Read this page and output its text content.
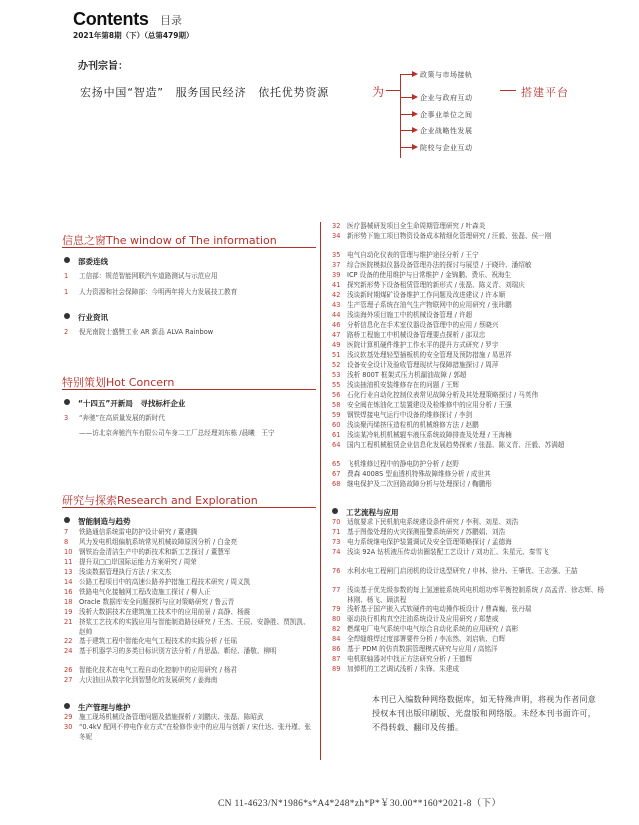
Contents 目录
2021年第8期（下）（总第479期）
办刊宗旨：
宏扬中国“智造”　服务国民经济　依托优势资源	为	搭建平台
政策与市场接轨
企业与政府互动
企事业单位之间
企业战略性发展
院校与企业互动
信息之窗The window of The information
部委连线
1	工信部：规范智能网联汽车道路测试与示范应用
1	人力资源和社会保障部：今明两年将大力发展技工教育
行业资讯
2	倪光南院士盛赞工业 AR 新品 ALVA Rainbow
特别策划Hot Concern
“十四五”开新局　寻找标杆企业
3	“奔驰”在高质量发展的新时代
——访北京奔驰汽车有限公司车身二工厂总经理刘东栋 /晨曦　王宁
研究与探索Research and Exploration
智能制造与趋势
7	铁路通信系统雷电防护设计研究 / 董建腾
8	风力发电机组偏航系统常见机械故障原因分析 / 白金亮
10	钢铁冶金清洁生产中的新技术和新工艺探讨 / 董慧军
11	提升双□□岸国际运能力方案研究 / 周荣
13	浅谈数据管理执行方法 / 宋文杰
14	公路工程项目中的高速公路养护措施工程技术研究 / 周义凯
16	铁路电气化接触网工程改造施工探讨 / 柳人正
18	Oracle 数据库安全问题探析与应对策略研究 / 鲁云青
19	浅析大数据技术在建筑施工技术中的应用前景 / 高静、杨震
21	挤浆工艺技术的实践应用与智能制造路径研究 / 王杰、王辰、安静胜、贾凯凯、赵帅
22	基于建筑工程中智能化电气工程技术的实践分析 / 任瑶
24	基于机器学习的多类目标识别方法分析 / 肖思晶、靳经、潘敬、柳明
26	智能化技术在电气工程自动化控制中的应用研究 / 杨君
27	大庆油田从数字化到智慧化的发展研究 / 姜海南
生产管理与维护
29	施工现场机械设备管理问题及措施探析 / 刘鹏庆、张磊、陈昭武
30	“0.4kV 配网不停电作业方式”在检修作业中的应用与创新 / 宋仕达、张丹瑾、张冬妮
32	医疗器械研发项目全生命周期管理研究 / 叶森炎
34	新形势下施工项目物资设备成本精细化管理研究 / 汪毅、张磊、侯一刚
35	电气自动化仪表的管理与维护途径分析 / 王宁
37	综合医院模拟仪器设备管理办法的探讨与展望 / 于晓玲、潘绍敏
39	ICP 设备的使用维护与日常维护 / 金锦鹏、费乐、祝海生
41	探究新形势下设备租赁管理的新形式 / 张磊、陈义青、刘瑞庆
42	浅谈新时期煤矿设备维护工作问题及改进建议 / 许本顺
43	生产管理子系统在油气生产物联网中的应用研究 / 张玮鹏
44	浅谈海外项目施工中的机械设备管理 / 许超
46	分析信息化在手术室仪器设备管理中的应用 / 蔡晓兴
47	路桥工程施工中机械设备管理要点探析 / 邵双忠
49	医院计算机硬件维护工作水平的提升方式研究 / 罗宇
51	浅议软基处理轻型插板机的安全管理及预防措施 / 易思祥
52	设备安全设计及验收管理现状与保障措施探讨 / 周萍
53	浅析 800T 框架式压力机漏油故障 / 郭超
55	浅谈抽油机安装维修存在的问题 / 王辉
56	石化行业自动化控制仪表常见故障分析及其处理策略探讨 / 马英伟
58	安全阀在炼油化工装置建设及检维修中的应用分析 / 王强
59	钢铁焊接电气运行中设备的维修探讨 / 李剑
60	浅谈聚丙烯挤压造粒机的机械维修方法 / 赵鹏
61	浅谈某冷轧机机械辊车液压系统故障排查及处理 / 王海楠
64	国内工程机械租赁企业信息化发展趋势探索 / 张磊、陈义青、汪毅、苏满超
65	飞机维修过程中的静电防护分析 / 赵野
67	费森 4008S 型血透机特殊故障维修分析 / 成世其
68	继电保护及二次回路故障分析与处理探讨 / 鞠鹏彤
工艺流程与应用
70	适航要求下民机航电系统建设条件研究 / 李利、刘星、刘浩
71	基于图像处理的火灾探测报警系统研究 / 苏鹏娟、刘浩
73	电力系统继电保护装置调试及安全管理策略探讨 / 孟德海
74	浅谈 92A 钻机液压传动齿圈装配工艺设计 / 刘功汇、朱星元、秦雪飞
76	水利水电工程闸门启闭机的设计选型研究 / 申林、徐丹、王肇优、王志强、王喆
77	浅谈基于优先级参数的每上氢速能系统风电机组功率平衡控制系统 / 高孟青、徐志辉、杨林刚、杨飞、顾洪程
79	浅析基于国产嵌入式软硬件的电动操作板设计 / 曹森巍、张丹瑞
80	驱动执行机构真空注油系统设计及应用研究 / 郑楚威
82	燃煤电厂电气系统中电气综合自动化系统的应用研究 / 高彬
84	全焊缝维焊过度部署要件分析 / 李冻然、刘启轨、白辉
86	基于 PDM 的仿真数据管理模式研究与应用 / 高铭洋
87	电机联轴器对中找正方法研究分析 / 王德辉
89	加弹机的工艺调试浅析 / 朱锋、朱建成
本刊已入编数种网络数据库，如无特殊声明，将视为作者同意授权本刊出版印刷版、光盘版和网络版。未经本刊书面许可，不得转载、翻印及传播。
CN 11-4623/N*1986*s*A4*248*zh*P*￥30.00**160*2021-8（下）
